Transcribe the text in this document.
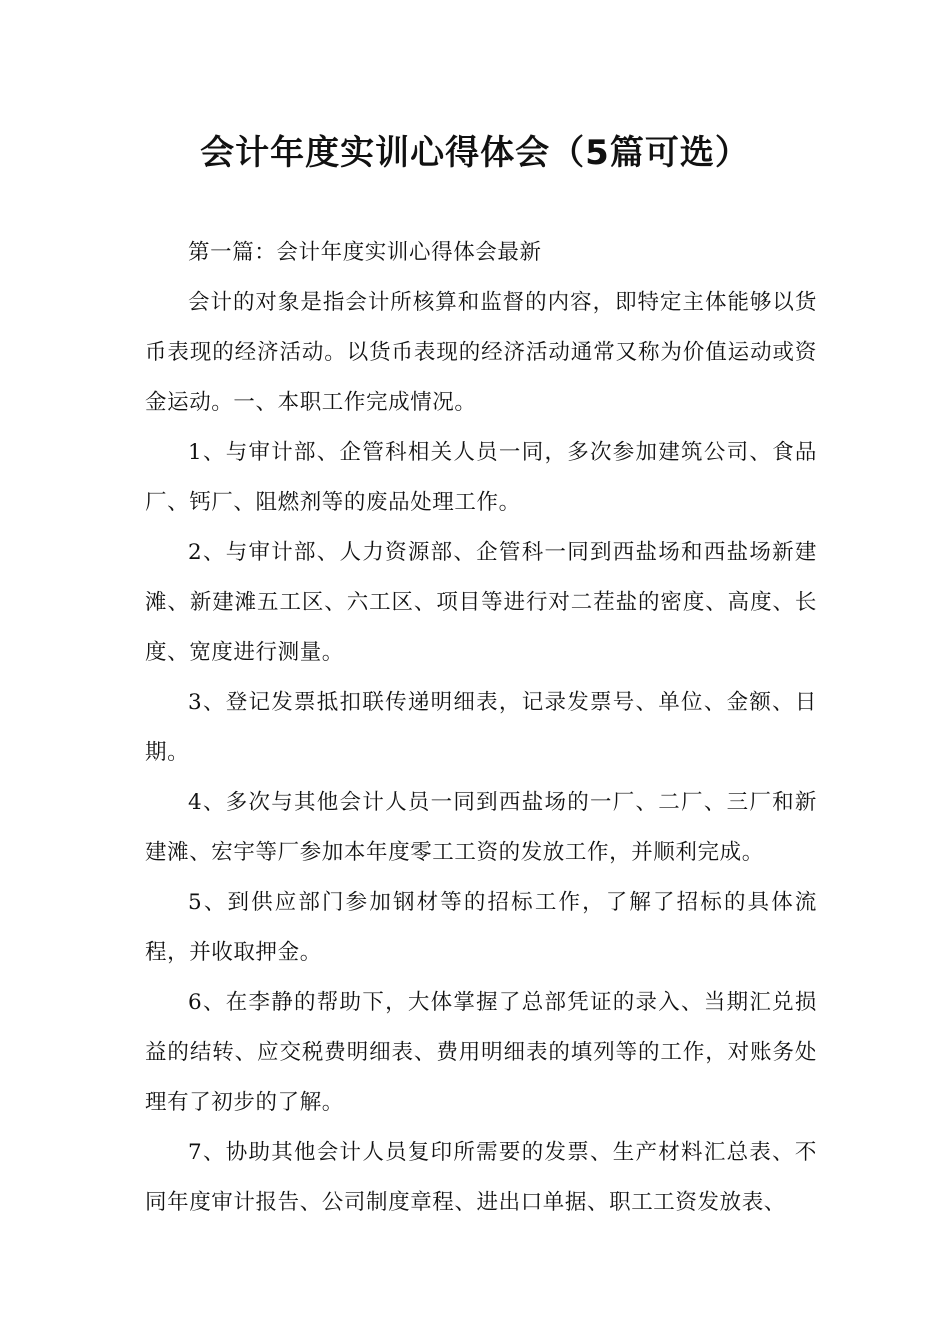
会计年度实训心得体会（5篇可选）

第一篇：会计年度实训心得体会最新

会计的对象是指会计所核算和监督的内容，即特定主体能够以货币表现的经济活动。以货币表现的经济活动通常又称为价值运动或资金运动。一、本职工作完成情况。

1、与审计部、企管科相关人员一同，多次参加建筑公司、食品厂、钙厂、阻燃剂等的废品处理工作。

2、与审计部、人力资源部、企管科一同到西盐场和西盐场新建滩、新建滩五工区、六工区、项目等进行对二茬盐的密度、高度、长度、宽度进行测量。

3、登记发票抵扣联传递明细表，记录发票号、单位、金额、日期。

4、多次与其他会计人员一同到西盐场的一厂、二厂、三厂和新建滩、宏宇等厂参加本年度零工工资的发放工作，并顺利完成。

5、到供应部门参加钢材等的招标工作，了解了招标的具体流程，并收取押金。

6、在李静的帮助下，大体掌握了总部凭证的录入、当期汇兑损益的结转、应交税费明细表、费用明细表的填列等的工作，对账务处理有了初步的了解。

7、协助其他会计人员复印所需要的发票、生产材料汇总表、不同年度审计报告、公司制度章程、进出口单据、职工工资发放表、
